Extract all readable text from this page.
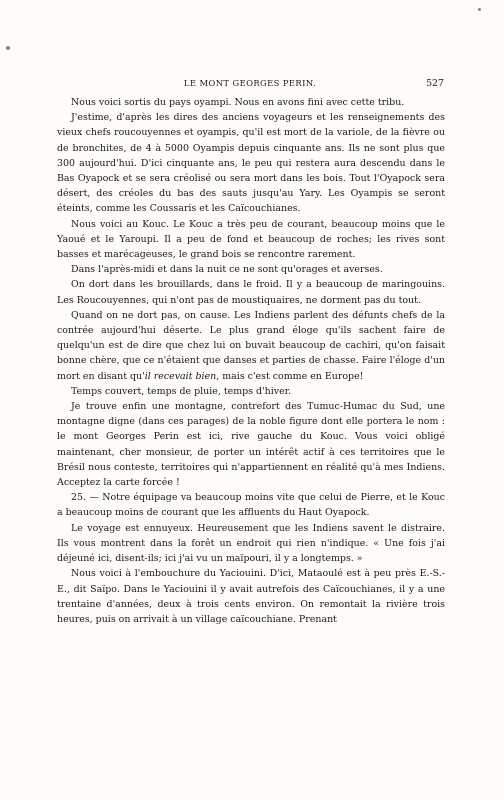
LE MONT GEORGES PERIN.	527

Nous voici sortis du pays oyampi. Nous en avons fini avec cette tribu.

J'estime, d'après les dires des anciens voyageurs et les renseignements des vieux chefs roucouyennes et oyampis, qu'il est mort de la variole, de la fièvre ou de bronchites, de 4 à 5000 Oyampis depuis cinquante ans. Ils ne sont plus que 300 aujourd'hui. D'ici cinquante ans, le peu qui restera aura descendu dans le Bas Oyapock et se sera créolisé ou sera mort dans les bois. Tout l'Oyapock sera désert, des créoles du bas des sauts jusqu'au Yary. Les Oyampis se seront éteints, comme les Coussaris et les Caïcouchianes.

Nous voici au Kouc. Le Kouc a très peu de courant, beaucoup moins que le Yaoué et le Yaroupi. Il a peu de fond et beaucoup de roches; les rives sont basses et marécageuses, le grand bois se rencontre rarement.

Dans l'après-midi et dans la nuit ce ne sont qu'orages et averses.

On dort dans les brouillards, dans le froid. Il y a beaucoup de maringouins. Les Roucouyennes, qui n'ont pas de moustiquaires, ne dorment pas du tout.

Quand on ne dort pas, on cause. Les Indiens parlent des défunts chefs de la contrée aujourd'hui déserte. Le plus grand éloge qu'ils sachent faire de quelqu'un est de dire que chez lui on buvait beaucoup de cachiri, qu'on faisait bonne chère, que ce n'étaient que danses et parties de chasse. Faire l'éloge d'un mort en disant qu'il recevait bien, mais c'est comme en Europe!

Temps couvert, temps de pluie, temps d'hiver.

Je trouve enfin une montagne, contrefort des Tumuc-Humac du Sud, une montagne digne (dans ces parages) de la noble figure dont elle portera le nom : le mont Georges Perin est ici, rive gauche du Kouc. Vous voici obligé maintenant, cher monsieur, de porter un intérêt actif à ces territoires que le Brésil nous conteste, territoires qui n'appartiennent en réalité qu'à mes Indiens. Acceptez la carte forcée !

25. — Notre équipage va beaucoup moins vite que celui de Pierre, et le Kouc a beaucoup moins de courant que les affluents du Haut Oyapock.

Le voyage est ennuyeux. Heureusement que les Indiens savent le distraire. Ils vous montrent dans la forêt un endroit qui rien n'indique. « Une fois j'ai déjeuné ici, disent-ils; ici j'ai vu un maïpouri, il y a longtemps. »

Nous voici à l'embouchure du Yaciouini. D'ici, Mataoulé est à peu près E.-S.-E., dit Saïpo. Dans le Yaciouini il y avait autrefois des Caïcouchianes, il y a une trentaine d'années, deux à trois cents environ. On remontait la rivière trois heures, puis on arrivait à un village caïcouchiane. Prenant
